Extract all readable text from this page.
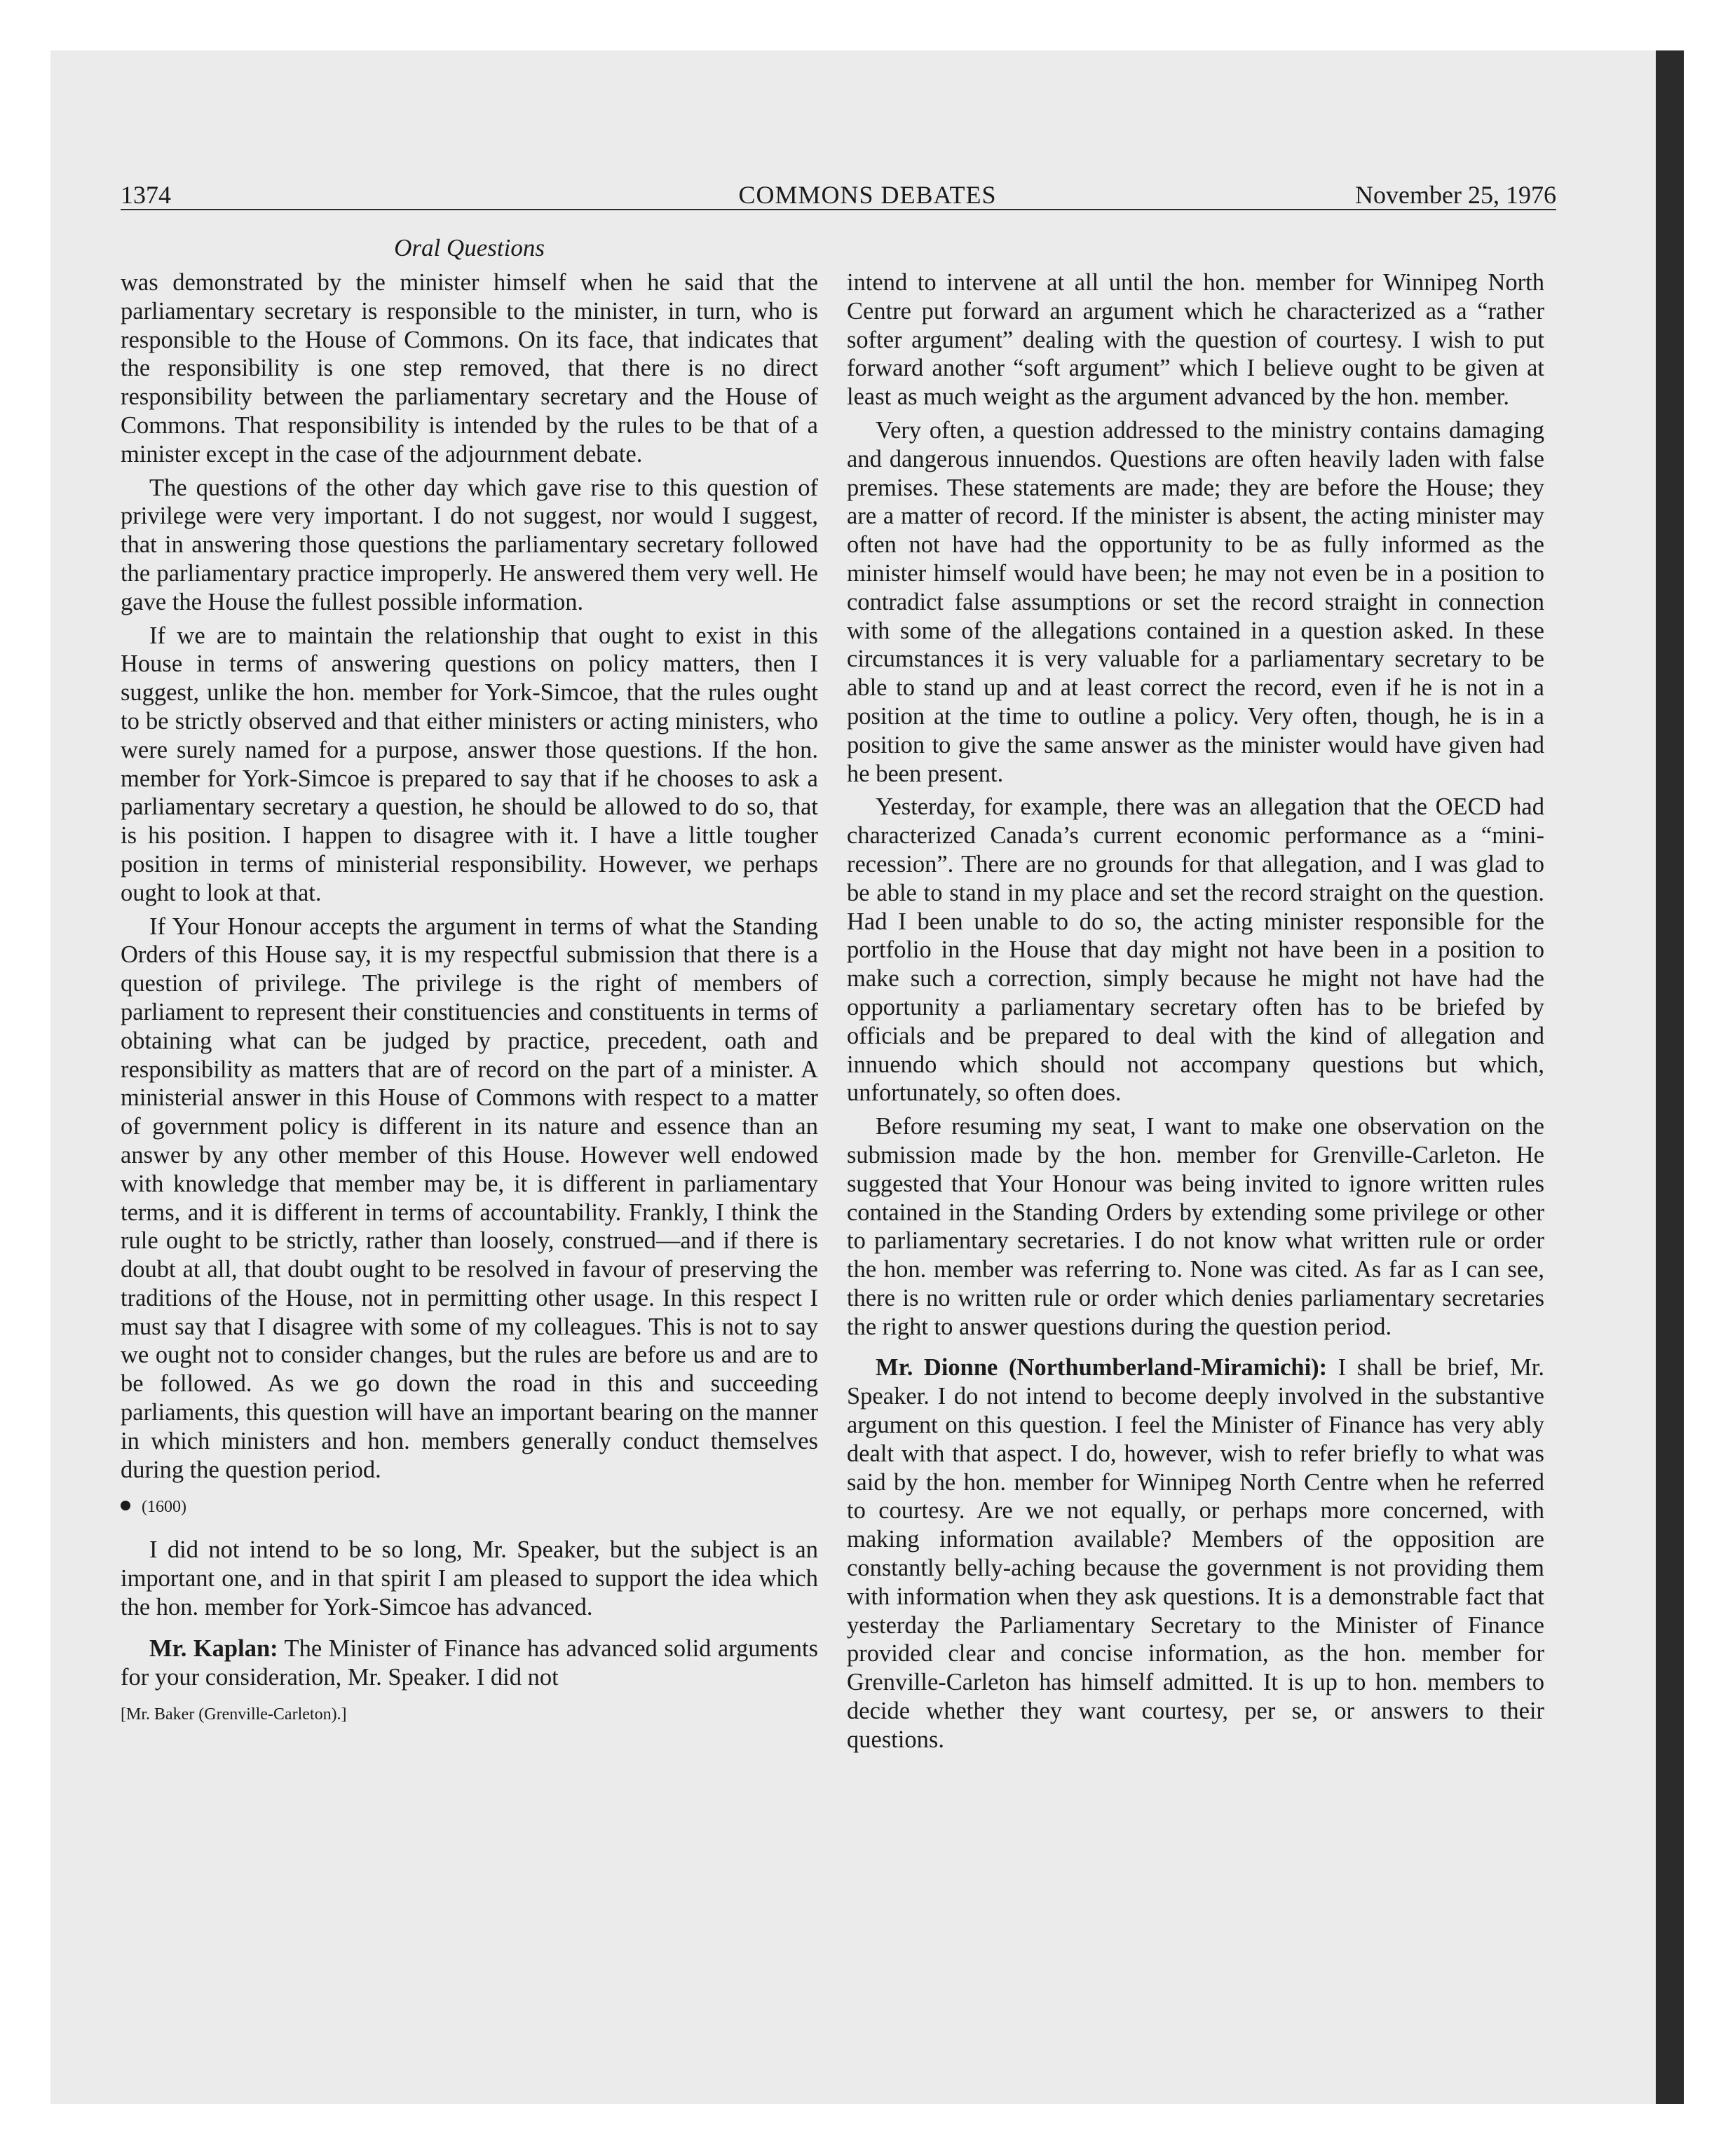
1374	COMMONS DEBATES	November 25, 1976
Oral Questions

was demonstrated by the minister himself when he said that the parliamentary secretary is responsible to the minister, in turn, who is responsible to the House of Commons. On its face, that indicates that the responsibility is one step removed, that there is no direct responsibility between the parliamentary secretary and the House of Commons. That responsibility is intended by the rules to be that of a minister except in the case of the adjournment debate.

The questions of the other day which gave rise to this question of privilege were very important. I do not suggest, nor would I suggest, that in answering those questions the parliamentary secretary followed the parliamentary practice improperly. He answered them very well. He gave the House the fullest possible information.

If we are to maintain the relationship that ought to exist in this House in terms of answering questions on policy matters, then I suggest, unlike the hon. member for York-Simcoe, that the rules ought to be strictly observed and that either ministers or acting ministers, who were surely named for a purpose, answer those questions. If the hon. member for York-Simcoe is prepared to say that if he chooses to ask a parliamentary secretary a question, he should be allowed to do so, that is his position. I happen to disagree with it. I have a little tougher position in terms of ministerial responsibility. However, we perhaps ought to look at that.

If Your Honour accepts the argument in terms of what the Standing Orders of this House say, it is my respectful submission that there is a question of privilege. The privilege is the right of members of parliament to represent their constituencies and constituents in terms of obtaining what can be judged by practice, precedent, oath and responsibility as matters that are of record on the part of a minister. A ministerial answer in this House of Commons with respect to a matter of government policy is different in its nature and essence than an answer by any other member of this House. However well endowed with knowledge that member may be, it is different in parliamentary terms, and it is different in terms of accountability. Frankly, I think the rule ought to be strictly, rather than loosely, construed—and if there is doubt at all, that doubt ought to be resolved in favour of preserving the traditions of the House, not in permitting other usage. In this respect I must say that I disagree with some of my colleagues. This is not to say we ought not to consider changes, but the rules are before us and are to be followed. As we go down the road in this and succeeding parliaments, this question will have an important bearing on the manner in which ministers and hon. members generally conduct themselves during the question period.

(1600)

I did not intend to be so long, Mr. Speaker, but the subject is an important one, and in that spirit I am pleased to support the idea which the hon. member for York-Simcoe has advanced.

Mr. Kaplan: The Minister of Finance has advanced solid arguments for your consideration, Mr. Speaker. I did not

[Mr. Baker (Grenville-Carleton).]

intend to intervene at all until the hon. member for Winnipeg North Centre put forward an argument which he characterized as a “rather softer argument” dealing with the question of courtesy. I wish to put forward another “soft argument” which I believe ought to be given at least as much weight as the argument advanced by the hon. member.

Very often, a question addressed to the ministry contains damaging and dangerous innuendos. Questions are often heavily laden with false premises. These statements are made; they are before the House; they are a matter of record. If the minister is absent, the acting minister may often not have had the opportunity to be as fully informed as the minister himself would have been; he may not even be in a position to contradict false assumptions or set the record straight in connection with some of the allegations contained in a question asked. In these circumstances it is very valuable for a parliamentary secretary to be able to stand up and at least correct the record, even if he is not in a position at the time to outline a policy. Very often, though, he is in a position to give the same answer as the minister would have given had he been present.

Yesterday, for example, there was an allegation that the OECD had characterized Canada’s current economic performance as a “mini-recession”. There are no grounds for that allegation, and I was glad to be able to stand in my place and set the record straight on the question. Had I been unable to do so, the acting minister responsible for the portfolio in the House that day might not have been in a position to make such a correction, simply because he might not have had the opportunity a parliamentary secretary often has to be briefed by officials and be prepared to deal with the kind of allegation and innuendo which should not accompany questions but which, unfortunately, so often does.

Before resuming my seat, I want to make one observation on the submission made by the hon. member for Grenville-Carleton. He suggested that Your Honour was being invited to ignore written rules contained in the Standing Orders by extending some privilege or other to parliamentary secretaries. I do not know what written rule or order the hon. member was referring to. None was cited. As far as I can see, there is no written rule or order which denies parliamentary secretaries the right to answer questions during the question period.

Mr. Dionne (Northumberland-Miramichi): I shall be brief, Mr. Speaker. I do not intend to become deeply involved in the substantive argument on this question. I feel the Minister of Finance has very ably dealt with that aspect. I do, however, wish to refer briefly to what was said by the hon. member for Winnipeg North Centre when he referred to courtesy. Are we not equally, or perhaps more concerned, with making information available? Members of the opposition are constantly belly-aching because the government is not providing them with information when they ask questions. It is a demonstrable fact that yesterday the Parliamentary Secretary to the Minister of Finance provided clear and concise information, as the hon. member for Grenville-Carleton has himself admitted. It is up to hon. members to decide whether they want courtesy, per se, or answers to their questions.
